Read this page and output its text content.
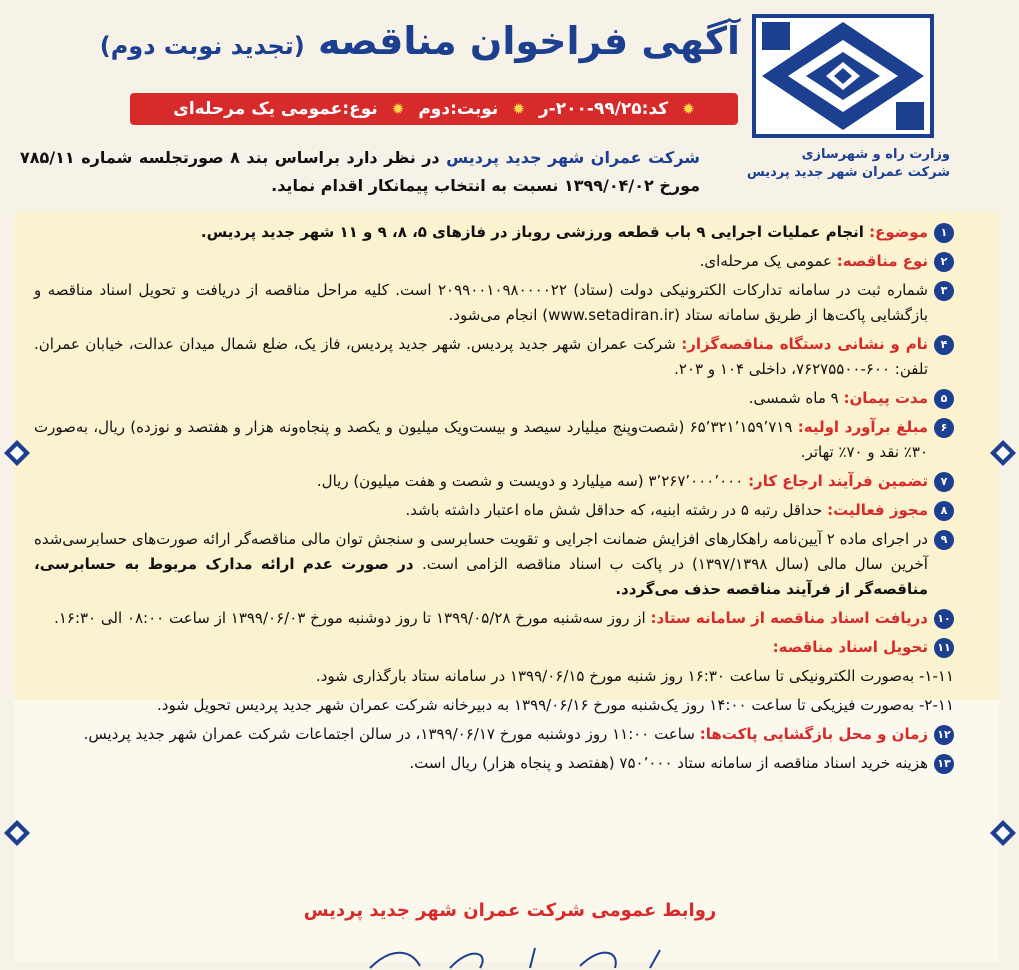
وزارت راه و شهرسازی
شرکت عمران شهر جدید پردیس
آگهی فراخوان مناقصه (تجدید نوبت دوم)
✹
کد:۹۹/۲۵-۲۰۰-ر
✹
نوبت:دوم
✹
نوع:عمومی یک مرحله‌ای
شرکت عمران شهر جدید پردیس در نظر دارد براساس بند ۸ صورتجلسه شماره ۷۸۵/۱۱ مورخ ۱۳۹۹/۰۴/۰۲ نسبت به انتخاب پیمانکار اقدام نماید.
۱
موضوع: انجام عملیات اجرایی ۹ باب قطعه ورزشی روباز در فازهای ۵، ۸، ۹ و ۱۱ شهر جدید پردیس.
۲
نوع مناقصه: عمومی یک مرحله‌ای.
۳
شماره ثبت در سامانه تدارکات الکترونیکی دولت (ستاد) ۲۰۹۹۰۰۱۰۹۸۰۰۰۰۲۲ است. کلیه مراحل مناقصه از دریافت و تحویل اسناد مناقصه و بازگشایی پاکت‌ها از طریق سامانه ستاد (www.setadiran.ir) انجام می‌شود.
۴
نام و نشانی دستگاه مناقصه‌گزار: شرکت عمران شهر جدید پردیس. شهر جدید پردیس، فاز یک، ضلع شمال میدان عدالت، خیابان عمران. تلفن: ۶۰۰-۷۶۲۷۵۵۰۰، داخلی ۱۰۴ و ۲۰۳.
۵
مدت پیمان: ۹ ماه شمسی.
۶
مبلغ برآورد اولیه: ۶۵٬۳۲۱٬۱۵۹٬۷۱۹ (شصت‌وپنج میلیارد سیصد و بیست‌ویک میلیون و یکصد و پنجاه‌ونه هزار و هفتصد و نوزده) ریال، به‌صورت ۳۰٪ نقد و ۷۰٪ تهاتر.
۷
تضمین فرآیند ارجاع کار: ۳٬۲۶۷٬۰۰۰٬۰۰۰ (سه میلیارد و دویست و شصت و هفت میلیون) ریال.
۸
مجوز فعالیت: حداقل رتبه ۵ در رشته ابنیه، که حداقل شش ماه اعتبار داشته باشد.
۹
در اجرای ماده ۲ آیین‌نامه راهکارهای افزایش ضمانت اجرایی و تقویت حسابرسی و سنجش توان مالی مناقصه‌گر ارائه صورت‌های حسابرسی‌شده آخرین سال مالی (سال ۱۳۹۷/۱۳۹۸) در پاکت ب اسناد مناقصه الزامی است. در صورت عدم ارائه مدارک مربوط به حسابرسی، مناقصه‌گر از فرآیند مناقصه حذف می‌گردد.
۱۰
دریافت اسناد مناقصه از سامانه ستاد: از روز سه‌شنبه مورخ ۱۳۹۹/۰۵/۲۸ تا روز دوشنبه مورخ ۱۳۹۹/۰۶/۰۳ از ساعت ۰۸:۰۰ الی ۱۶:۳۰.
۱۱
تحویل اسناد مناقصه:
۱-۱۱- به‌صورت الکترونیکی تا ساعت ۱۶:۳۰ روز شنبه مورخ ۱۳۹۹/۰۶/۱۵ در سامانه ستاد بارگذاری شود.
۲-۱۱- به‌صورت فیزیکی تا ساعت ۱۴:۰۰ روز یک‌شنبه مورخ ۱۳۹۹/۰۶/۱۶ به دبیرخانه شرکت عمران شهر جدید پردیس تحویل شود.
۱۲
زمان و محل بازگشایی پاکت‌ها: ساعت ۱۱:۰۰ روز دوشنبه مورخ ۱۳۹۹/۰۶/۱۷، در سالن اجتماعات شرکت عمران شهر جدید پردیس.
۱۳
هزینه خرید اسناد مناقصه از سامانه ستاد ۷۵۰٬۰۰۰ (هفتصد و پنجاه هزار) ریال است.
روابط عمومی شرکت عمران شهر جدید پردیس
